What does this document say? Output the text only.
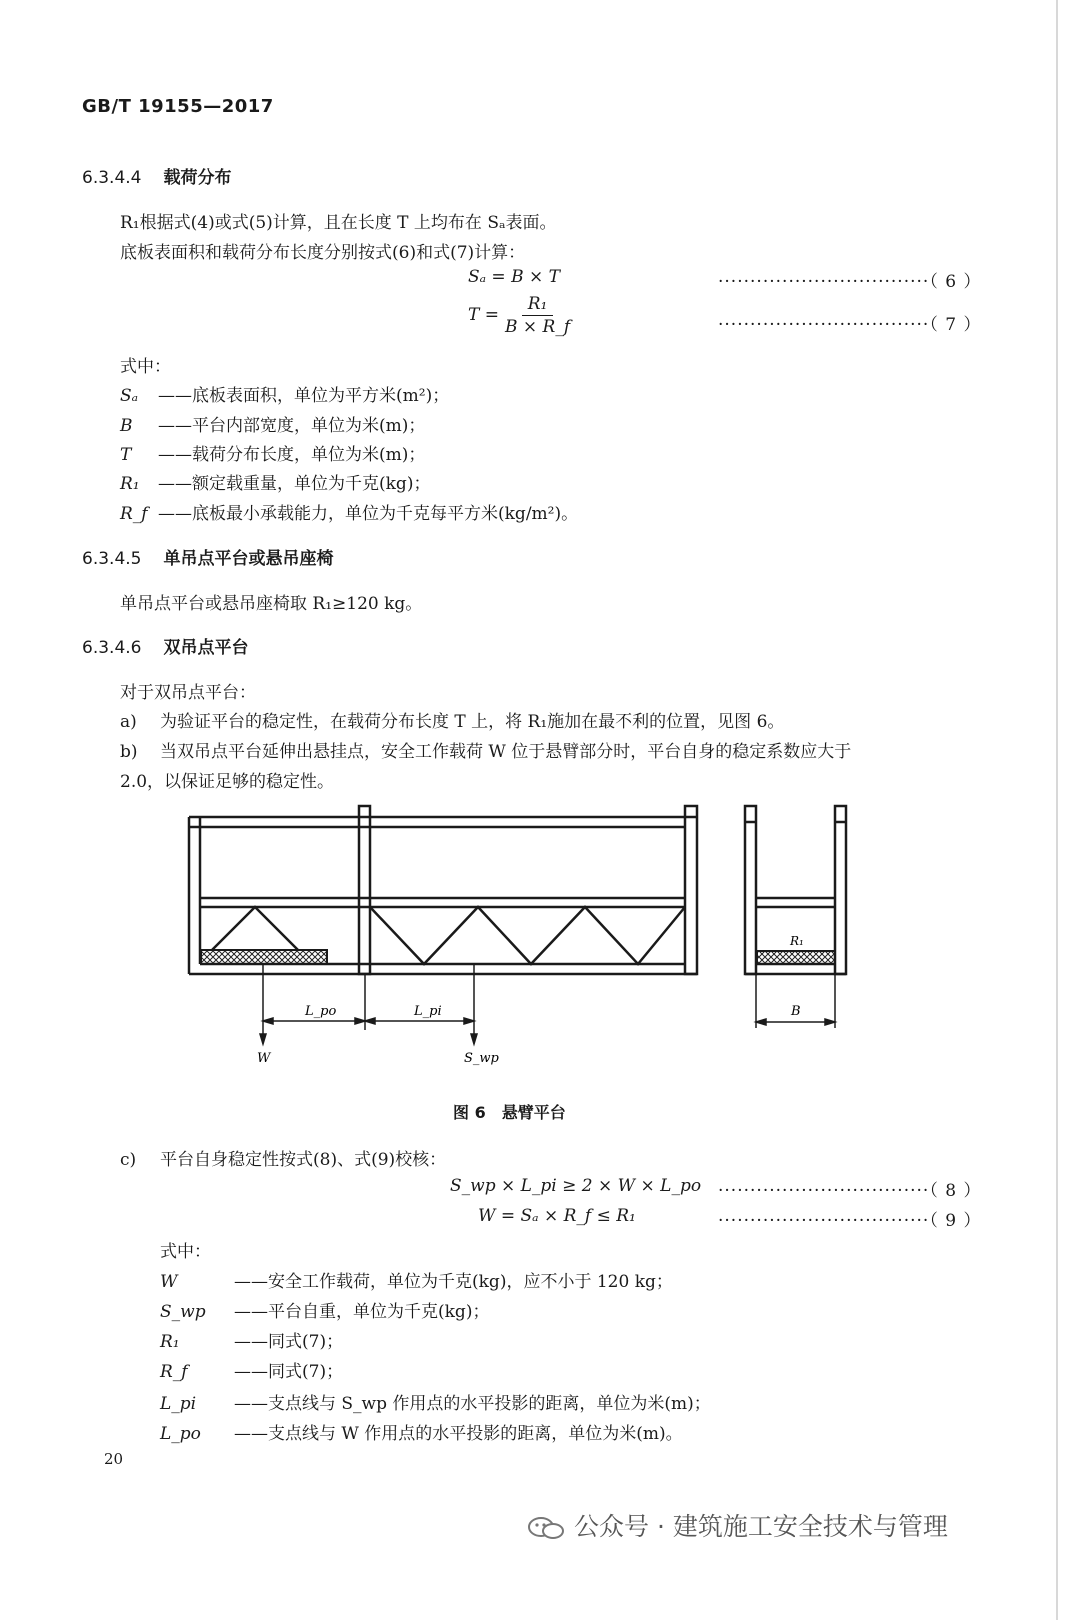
GB/T 19155—2017
6.3.4.4 载荷分布
R₁根据式(4)或式(5)计算，且在长度 T 上均布在 Sₐ表面。
底板表面积和载荷分布长度分别按式(6)和式(7)计算：
Sₐ = B × T	·································（ 6 ）
$T = \frac{\text{R₁}}{B \times R\_f}$	·································（ 7 ）
式中：
Sₐ ——底板表面积，单位为平方米(m²)；
B ——平台内部宽度，单位为米(m)；
T ——载荷分布长度，单位为米(m)；
R₁ ——额定载重量，单位为千克(kg)；
R_f ——底板最小承载能力，单位为千克每平方米(kg/m²)。
6.3.4.5 单吊点平台或悬吊座椅
单吊点平台或悬吊座椅取 R₁≥120 kg。
6.3.4.6 双吊点平台
对于双吊点平台：
a) 为验证平台的稳定性，在载荷分布长度 T 上，将 R₁施加在最不利的位置，见图 6。
b) 当双吊点平台延伸出悬挂点，安全工作载荷 W 位于悬臂部分时，平台自身的稳定系数应大于
2.0，以保证足够的稳定性。
L_po	L_pi
W	S_wp
R₁
B
图 6　悬臂平台
c) 平台自身稳定性按式(8)、式(9)校核：
S_wp × L_pi ≥ 2 × W × L_po ·································（ 8 ）
W = Sₐ × R_f ≤ R₁	·································（ 9 ）
式中：
W	——安全工作载荷，单位为千克(kg)，应不小于 120 kg；
S_wp ——平台自重，单位为千克(kg)；
R₁	——同式(7)；
R_f	——同式(7)；
L_pi ——支点线与 S_wp 作用点的水平投影的距离，单位为米(m)；
L_po ——支点线与 W 作用点的水平投影的距离，单位为米(m)。
20
公众号 · 建筑施工安全技术与管理
